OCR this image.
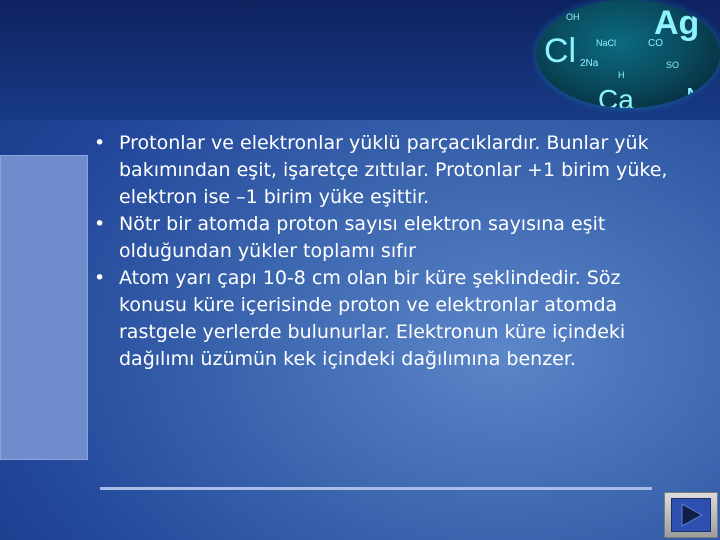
Ag
Cl NaCl	CO
2Na
H
Ca N
OH
SO

• Protonlar ve elektronlar yüklü parçacıklardır. Bunlar yük bakımından eşit, işaretçe zıttılar. Protonlar +1 birim yüke, elektron ise –1 birim yüke eşittir.

• Nötr bir atomda proton sayısı elektron sayısına eşit olduğundan yükler toplamı sıfır

• Atom yarı çapı 10-8 cm olan bir küre şeklindedir. Söz konusu küre içerisinde proton ve elektronlar atomda rastgele yerlerde bulunurlar. Elektronun küre içindeki dağılımı üzümün kek içindeki dağılımına benzer.
